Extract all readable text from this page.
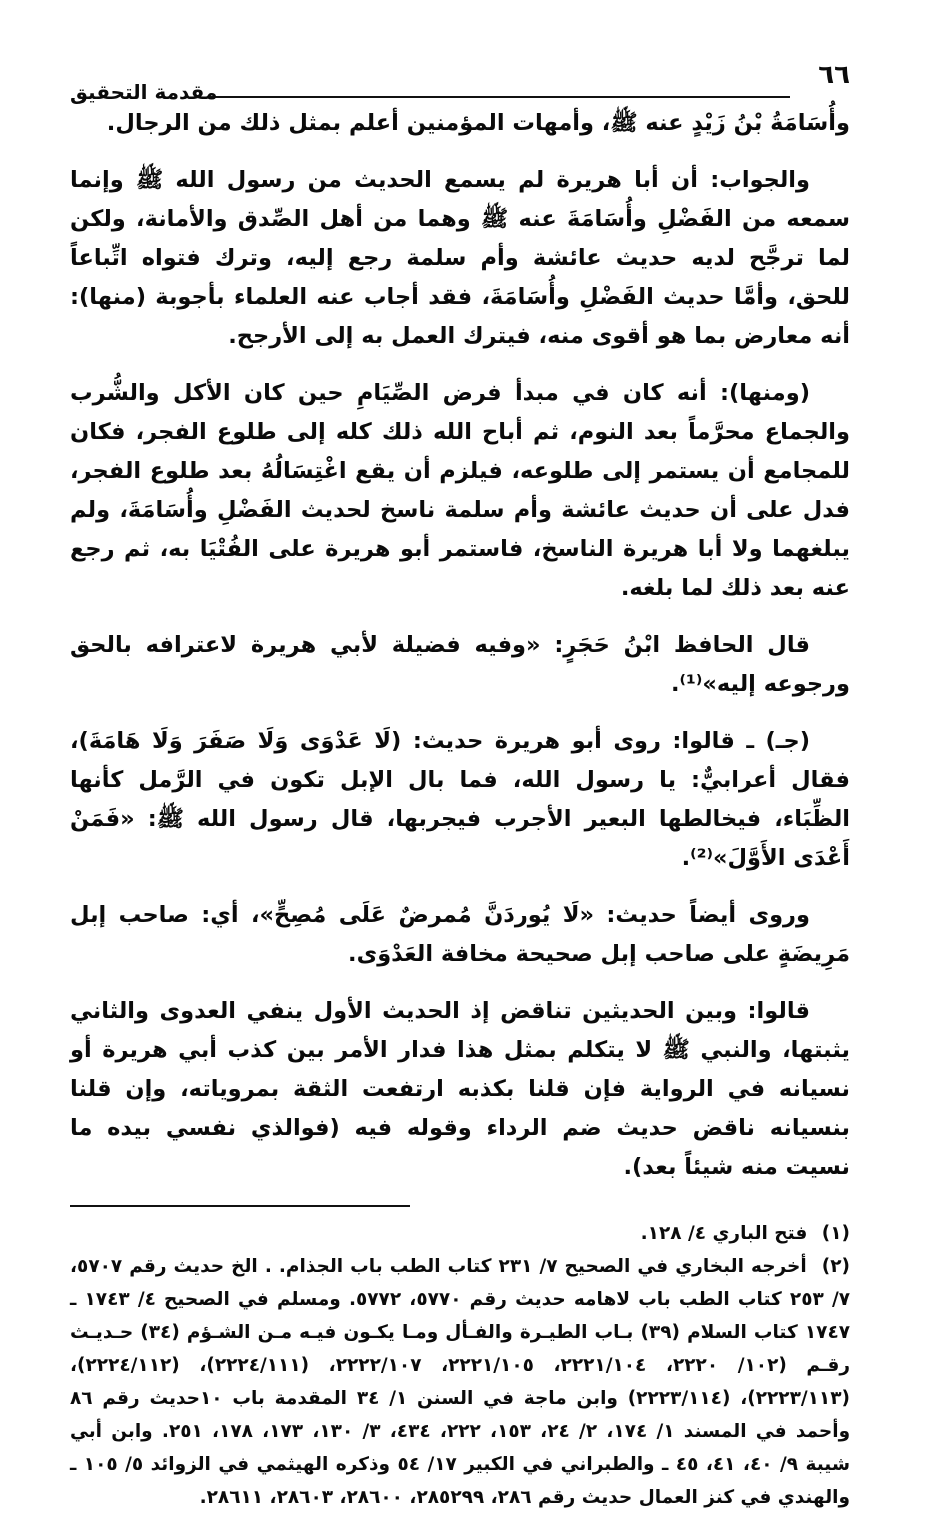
٦٦
مقدمة التحقيق

وأُسَامَةُ بْنُ زَيْدٍ عنه ﷺ، وأمهات المؤمنين أعلم بمثل ذلك من الرجال.

والجواب: أن أبا هريرة لم يسمع الحديث من رسول الله ﷺ وإنما سمعه من الفَضْلِ وأُسَامَةَ عنه ﷺ وهما من أهل الصِّدق والأمانة، ولكن لما ترجَّح لديه حديث عائشة وأم سلمة رجع إليه، وترك فتواه اتِّباعاً للحق، وأمَّا حديث الفَضْلِ وأُسَامَةَ، فقد أجاب عنه العلماء بأجوبة (منها): أنه معارض بما هو أقوى منه، فيترك العمل به إلى الأرجح.

(ومنها): أنه كان في مبدأ فرض الصِّيَامِ حين كان الأكل والشُّرب والجماع محرَّماً بعد النوم، ثم أباح الله ذلك كله إلى طلوع الفجر، فكان للمجامع أن يستمر إلى طلوعه، فيلزم أن يقع اغْتِسَالُهُ بعد طلوع الفجر، فدل على أن حديث عائشة وأم سلمة ناسخ لحديث الفَضْلِ وأُسَامَةَ، ولم يبلغهما ولا أبا هريرة الناسخ، فاستمر أبو هريرة على الفُتْيَا به، ثم رجع عنه بعد ذلك لما بلغه.

قال الحافظ ابْنُ حَجَرٍ: «وفيه فضيلة لأبي هريرة لاعترافه بالحق ورجوعه إليه»⁽¹⁾.

(جـ) ـ قالوا: روى أبو هريرة حديث: (لَا عَدْوَى وَلَا صَفَرَ وَلَا هَامَةَ)، فقال أعرابيٌّ: يا رسول الله، فما بال الإبل تكون في الرَّمل كأنها الظِّبَاء، فيخالطها البعير الأجرب فيجربها، قال رسول الله ﷺ: «فَمَنْ أَعْدَى الأَوَّلَ»⁽²⁾.

وروى أيضاً حديث: «لَا يُوردَنَّ مُمرضٌ عَلَى مُصِحٍّ»، أي: صاحب إبل مَرِيضَةٍ على صاحب إبل صحيحة مخافة العَدْوَى.

قالوا: وبين الحديثين تناقض إذ الحديث الأول ينفي العدوى والثاني يثبتها، والنبي ﷺ لا يتكلم بمثل هذا فدار الأمر بين كذب أبي هريرة أو نسيانه في الرواية فإن قلنا بكذبه ارتفعت الثقة بمروياته، وإن قلنا بنسيانه ناقض حديث ضم الرداء وقوله فيه (فوالذي نفسي بيده ما نسيت منه شيئاً بعد).

(١) فتح الباري ٤/ ١٢٨.

(٢) أخرجه البخاري في الصحيح ٧/ ٢٣١ كتاب الطب باب الجذام. . الخ حديث رقم ٥٧٠٧، ٧/ ٢٥٣ كتاب الطب باب لاهامه حديث رقم ٥٧٧٠، ٥٧٧٢. ومسلم في الصحيح ٤/ ١٧٤٣ ـ ١٧٤٧ كتاب السلام (٣٩) بـاب الطيـرة والفـأل ومـا يكـون فيـه مـن الشـؤم (٣٤) حـديـث رقـم (١٠٢/ ٢٢٢٠، ٢٢٢١/١٠٤، ٢٢٢١/١٠٥، ٢٢٢٢/١٠٧، (٢٢٢٤/١١١)، (٢٢٢٤/١١٢)، (٢٢٢٣/١١٣)، (٢٢٢٣/١١٤) وابن ماجة في السنن ١/ ٣٤ المقدمة باب ١٠حديث رقم ٨٦ وأحمد في المسند ١/ ١٧٤، ٢/ ٢٤، ١٥٣، ٢٢٢، ٤٣٤، ٣/ ١٣٠، ١٧٣، ١٧٨، ٢٥١. وابن أبي شيبة ٩/ ٤٠، ٤١، ٤٥ ـ والطبراني في الكبير ١٧/ ٥٤ وذكره الهيثمي في الزوائد ٥/ ١٠٥ ـ والهندي في كنز العمال حديث رقم ٢٨٦، ٢٨٥٢٩٩، ٢٨٦٠٠، ٢٨٦٠٣، ٢٨٦١١.
